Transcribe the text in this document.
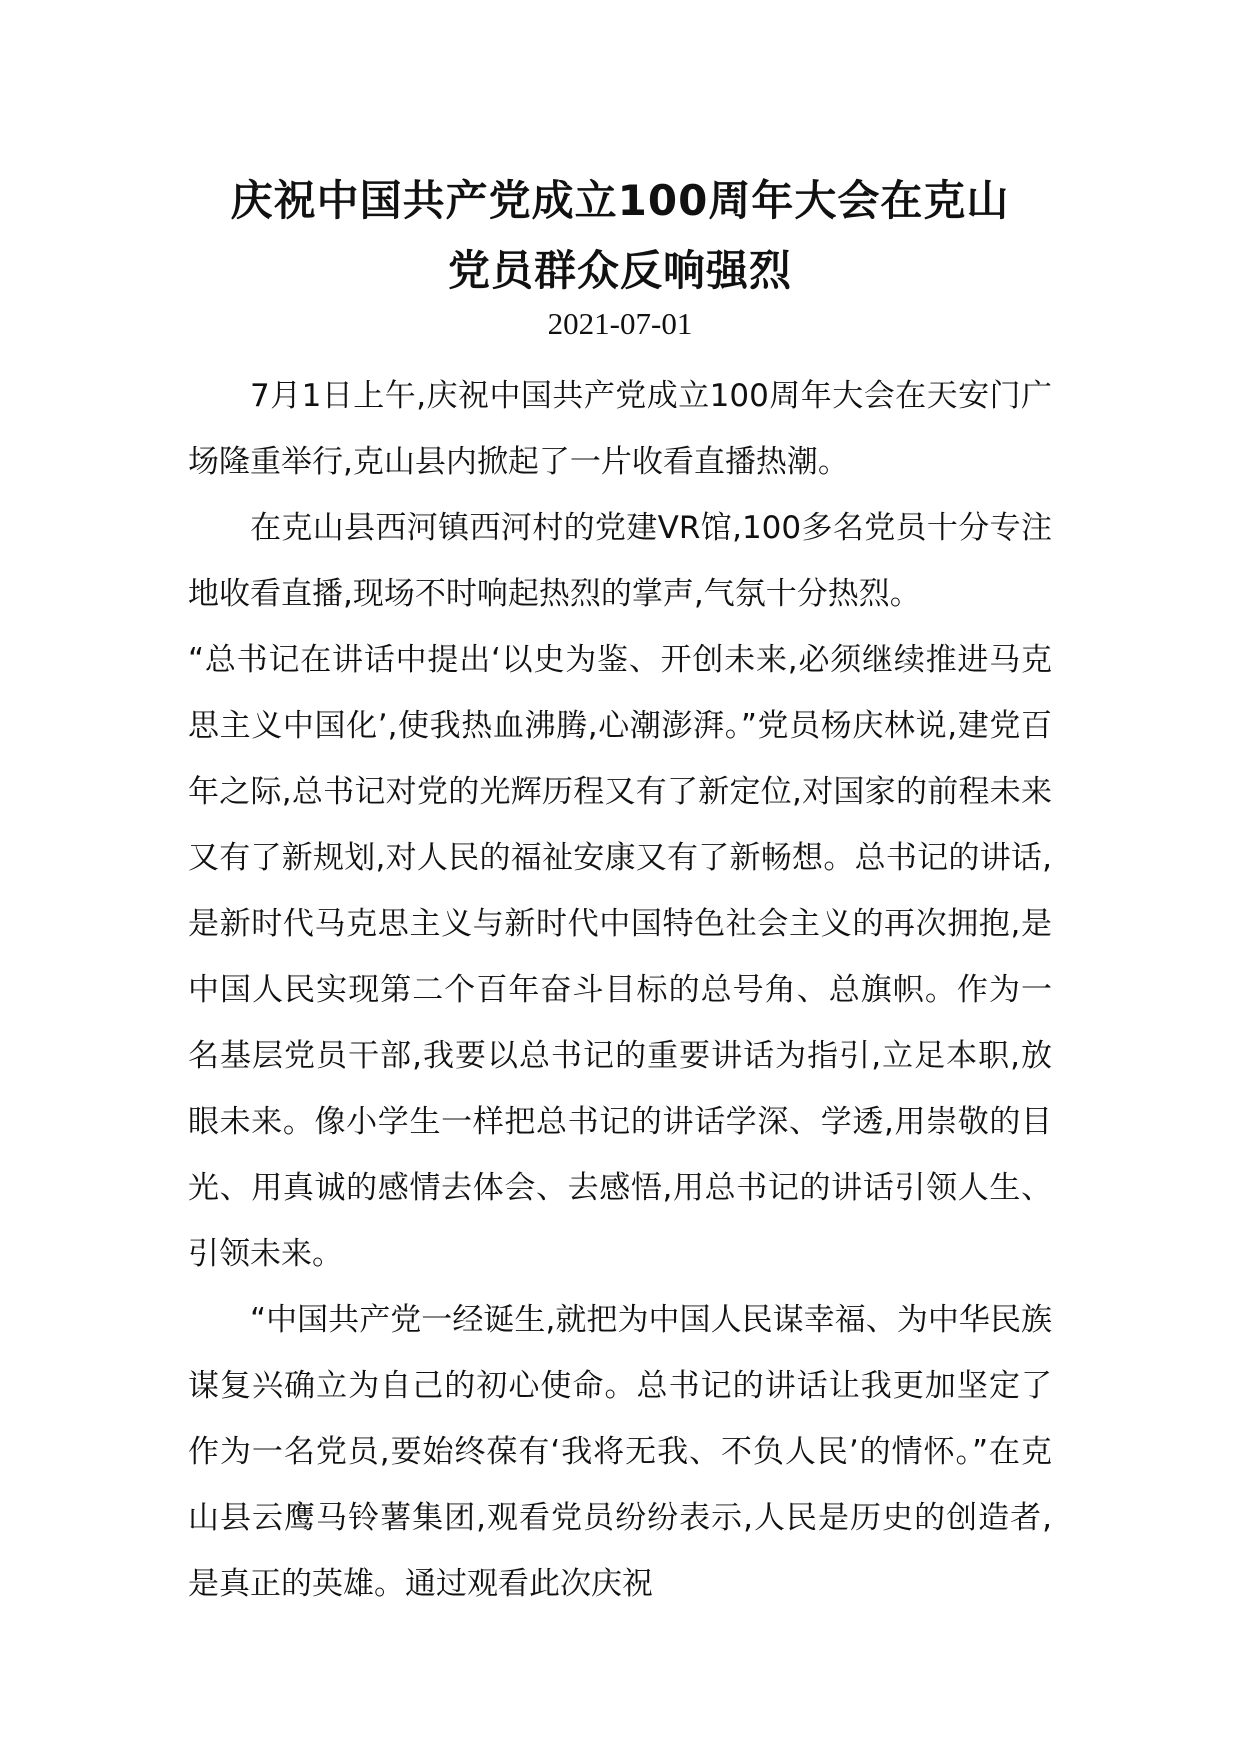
庆祝中国共产党成立100周年大会在克山
党员群众反响强烈
2021-07-01

7月1日上午,庆祝中国共产党成立100周年大会在天安门广场隆重举行,克山县内掀起了一片收看直播热潮。

在克山县西河镇西河村的党建VR馆,100多名党员十分专注地收看直播,现场不时响起热烈的掌声,气氛十分热烈。

“总书记在讲话中提出‘以史为鉴、开创未来,必须继续推进马克思主义中国化’,使我热血沸腾,心潮澎湃。”党员杨庆林说,建党百年之际,总书记对党的光辉历程又有了新定位,对国家的前程未来又有了新规划,对人民的福祉安康又有了新畅想。总书记的讲话,是新时代马克思主义与新时代中国特色社会主义的再次拥抱,是中国人民实现第二个百年奋斗目标的总号角、总旗帜。作为一名基层党员干部,我要以总书记的重要讲话为指引,立足本职,放眼未来。像小学生一样把总书记的讲话学深、学透,用崇敬的目光、用真诚的感情去体会、去感悟,用总书记的讲话引领人生、引领未来。

“中国共产党一经诞生,就把为中国人民谋幸福、为中华民族谋复兴确立为自己的初心使命。总书记的讲话让我更加坚定了作为一名党员,要始终葆有‘我将无我、不负人民’的情怀。”在克山县云鹰马铃薯集团,观看党员纷纷表示,人民是历史的创造者,是真正的英雄。通过观看此次庆祝
